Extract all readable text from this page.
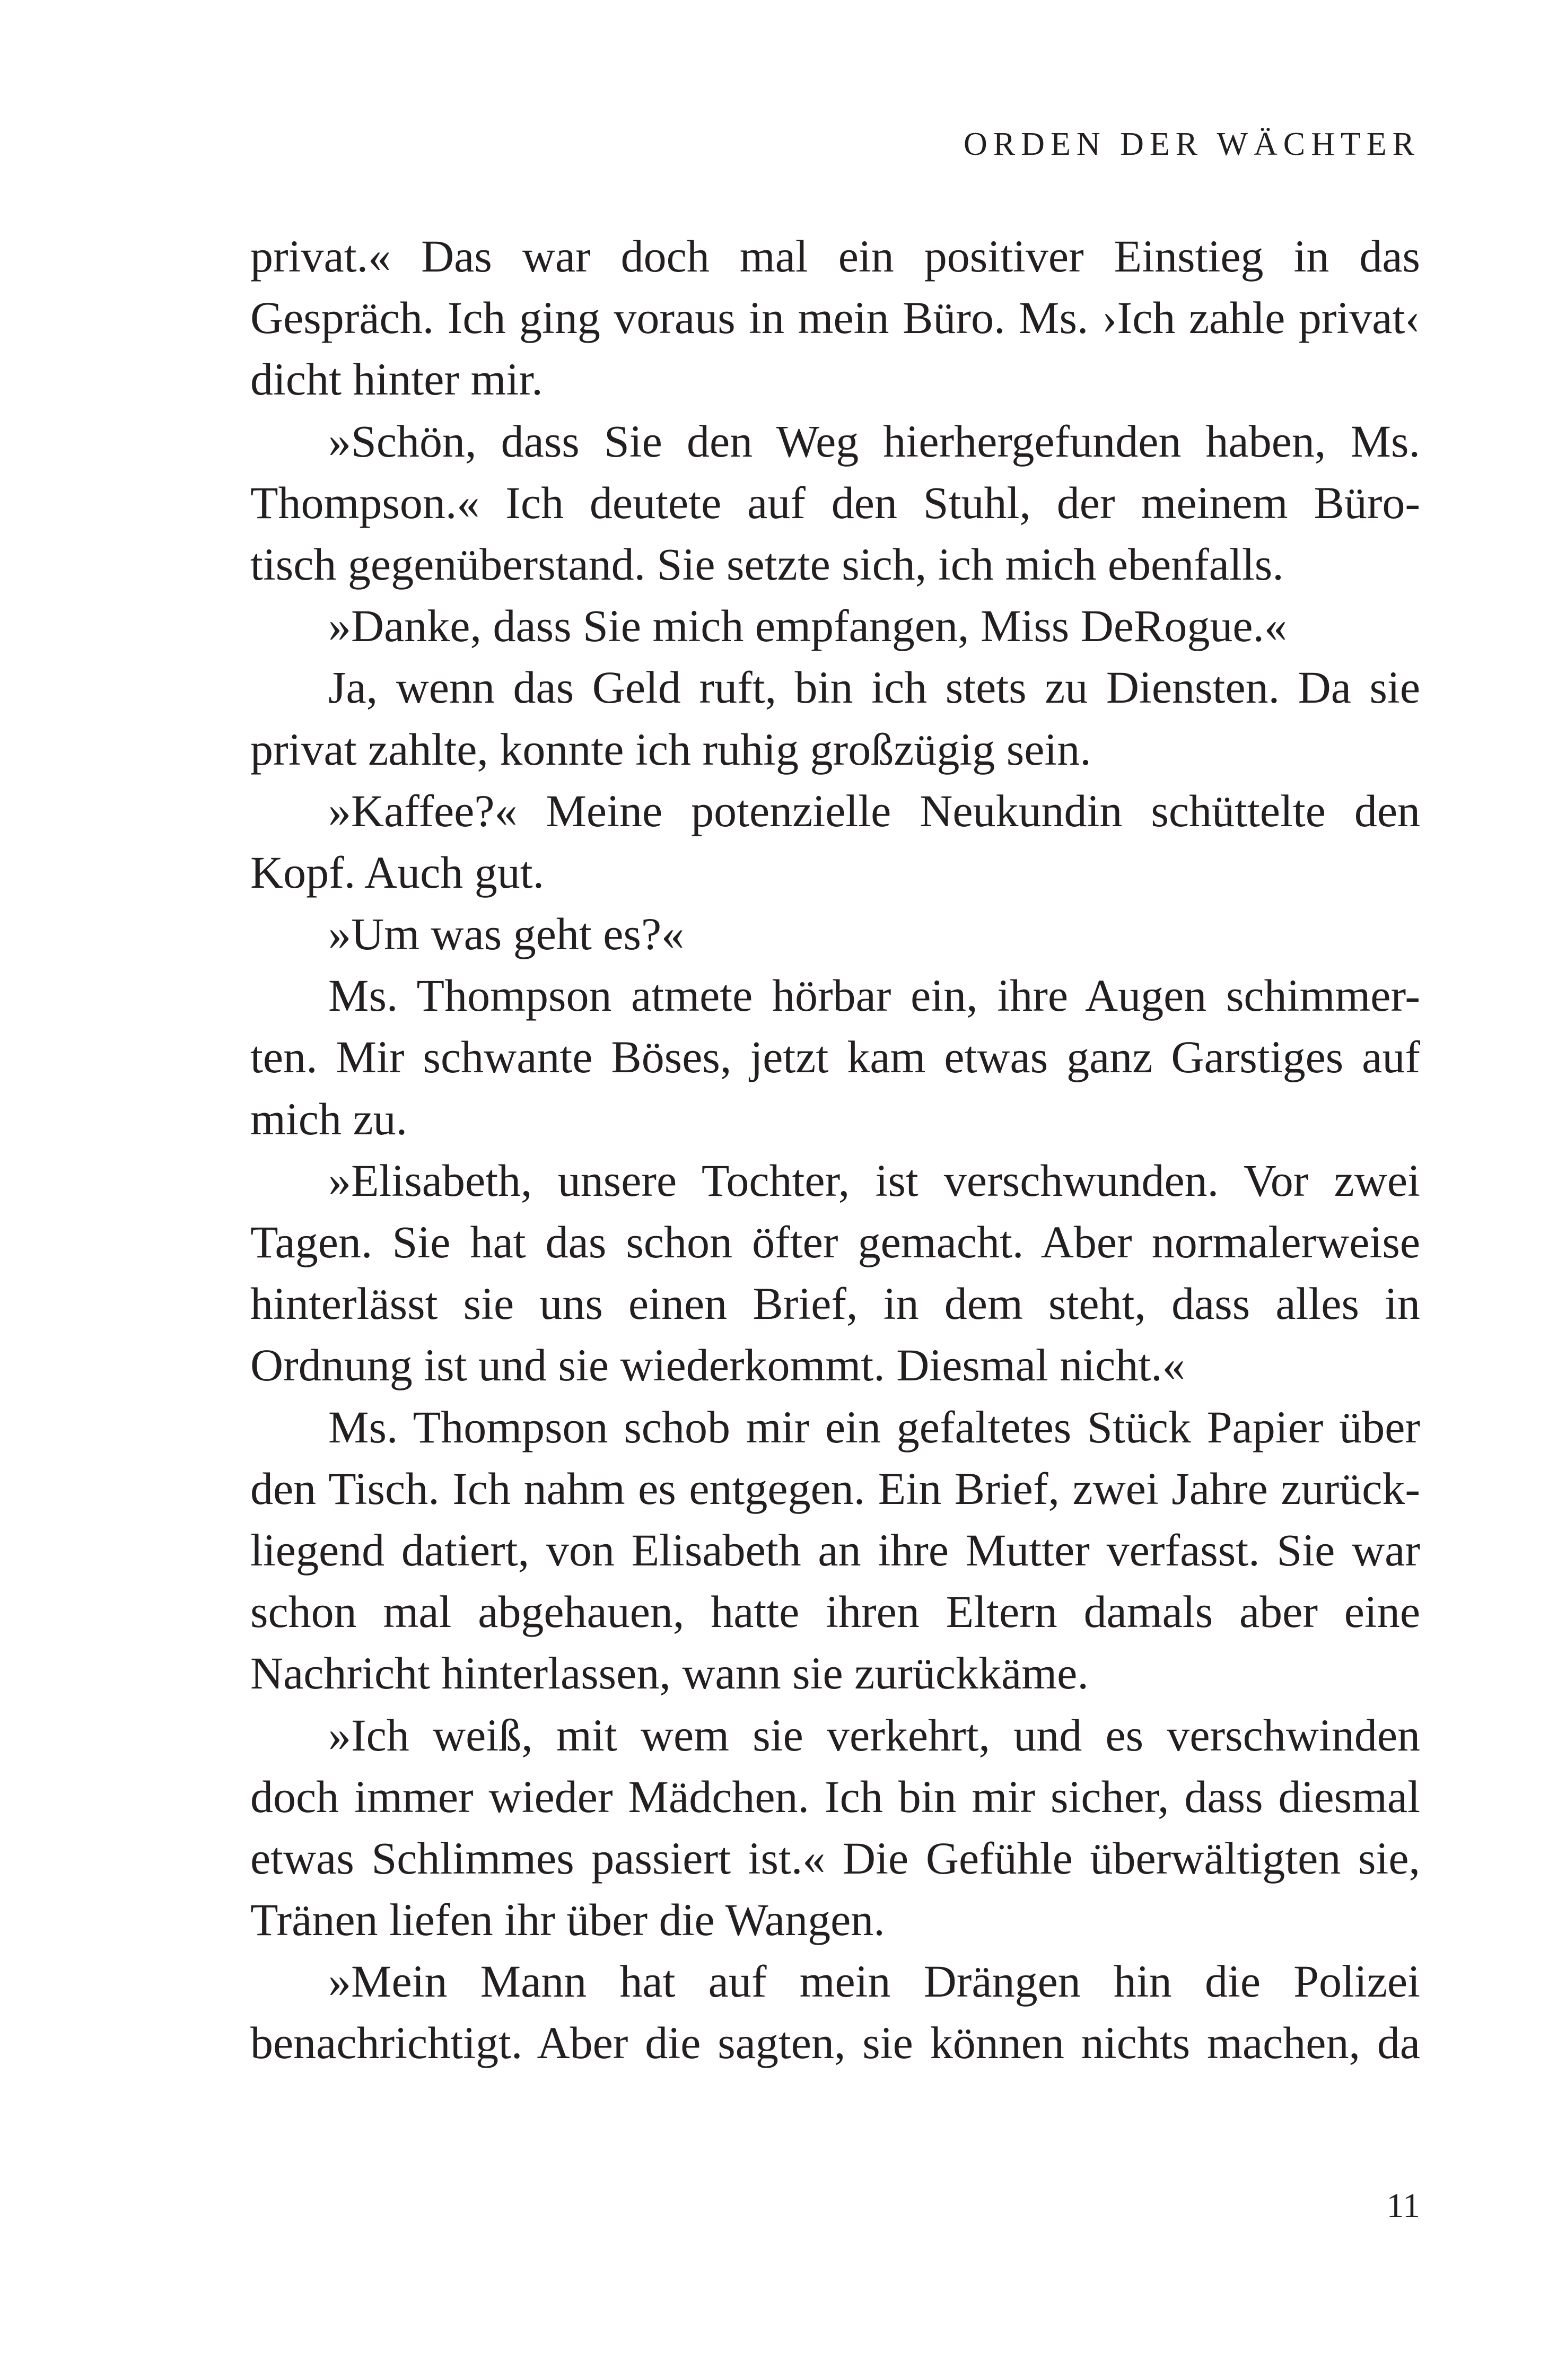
ORDEN DER WÄCHTER
privat.« Das war doch mal ein positiver Einstieg in das
Gespräch. Ich ging voraus in mein Büro. Ms. ›Ich zahle privat‹
dicht hinter mir.
»Schön, dass Sie den Weg hierhergefunden haben, Ms.
Thompson.« Ich deutete auf den Stuhl, der meinem Büro-
tisch gegenüberstand. Sie setzte sich, ich mich ebenfalls.
»Danke, dass Sie mich empfangen, Miss DeRogue.«
Ja, wenn das Geld ruft, bin ich stets zu Diensten. Da sie
privat zahlte, konnte ich ruhig großzügig sein.
»Kaffee?« Meine potenzielle Neukundin schüttelte den
Kopf. Auch gut.
»Um was geht es?«
Ms. Thompson atmete hörbar ein, ihre Augen schimmer-
ten. Mir schwante Böses, jetzt kam etwas ganz Garstiges auf
mich zu.
»Elisabeth, unsere Tochter, ist verschwunden. Vor zwei
Tagen. Sie hat das schon öfter gemacht. Aber normalerweise
hinterlässt sie uns einen Brief, in dem steht, dass alles in
Ordnung ist und sie wiederkommt. Diesmal nicht.«
Ms. Thompson schob mir ein gefaltetes Stück Papier über
den Tisch. Ich nahm es entgegen. Ein Brief, zwei Jahre zurück-
liegend datiert, von Elisabeth an ihre Mutter verfasst. Sie war
schon mal abgehauen, hatte ihren Eltern damals aber eine
Nachricht hinterlassen, wann sie zurückkäme.
»Ich weiß, mit wem sie verkehrt, und es verschwinden
doch immer wieder Mädchen. Ich bin mir sicher, dass diesmal
etwas Schlimmes passiert ist.« Die Gefühle überwältigten sie,
Tränen liefen ihr über die Wangen.
»Mein Mann hat auf mein Drängen hin die Polizei
benachrichtigt. Aber die sagten, sie können nichts machen, da
11
